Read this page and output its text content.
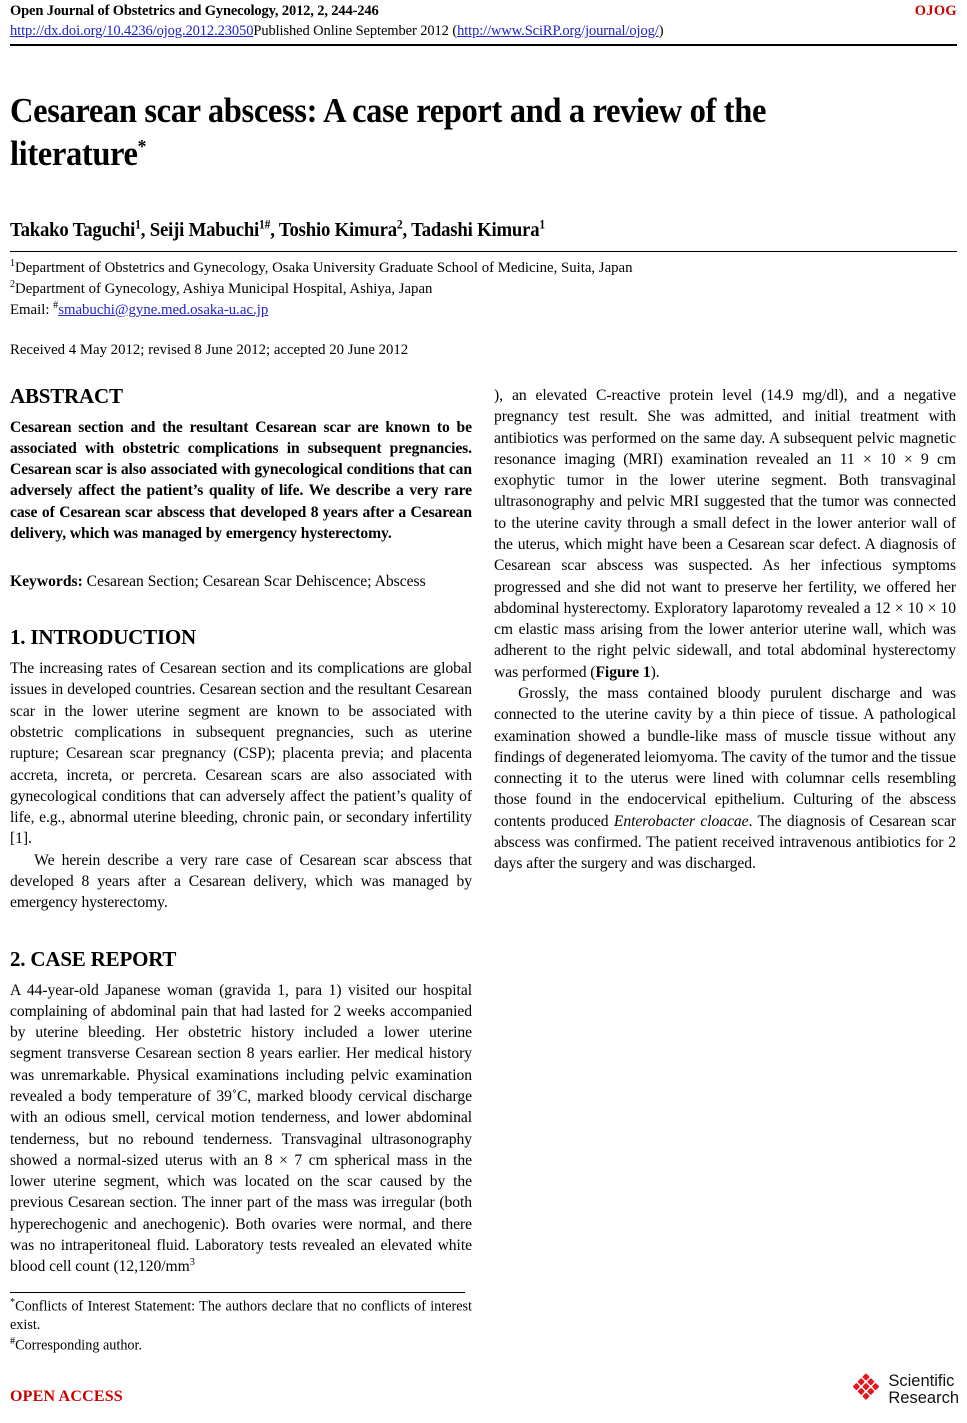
Open Journal of Obstetrics and Gynecology, 2012, 2, 244-246	OJOG
http://dx.doi.org/10.4236/ojog.2012.23050Published Online September 2012 (http://www.SciRP.org/journal/ojog/)
Cesarean scar abscess: A case report and a review of the literature*
Takako Taguchi$^1$, Seiji Mabuchi$^{1\#}$, Toshio Kimura$^2$, Tadashi Kimura$^1$
$^1$Department of Obstetrics and Gynecology, Osaka University Graduate School of Medicine, Suita, Japan
$^2$Department of Gynecology, Ashiya Municipal Hospital, Ashiya, Japan
Email: #smabuchi@gyne.med.osaka-u.ac.jp
Received 4 May 2012; revised 8 June 2012; accepted 20 June 2012
ABSTRACT

Cesarean section and the resultant Cesarean scar are known to be associated with obstetric complications in subsequent pregnancies. Cesarean scar is also associated with gynecological conditions that can adversely affect the patient’s quality of life. We describe a very rare case of Cesarean scar abscess that developed 8 years after a Cesarean delivery, which was managed by emergency hysterectomy.

Keywords: Cesarean Section; Cesarean Scar Dehiscence; Abscess

1. INTRODUCTION

The increasing rates of Cesarean section and its complications are global issues in developed countries. Cesarean section and the resultant Cesarean scar in the lower uterine segment are known to be associated with obstetric complications in subsequent pregnancies, such as uterine rupture; Cesarean scar pregnancy (CSP); placenta previa; and placenta accreta, increta, or percreta. Cesarean scars are also associated with gynecological conditions that can adversely affect the patient’s quality of life, e.g., abnormal uterine bleeding, chronic pain, or secondary infertility [1].

We herein describe a very rare case of Cesarean scar abscess that developed 8 years after a Cesarean delivery, which was managed by emergency hysterectomy.

2. CASE REPORT

A 44-year-old Japanese woman (gravida 1, para 1) visited our hospital complaining of abdominal pain that had lasted for 2 weeks accompanied by uterine bleeding. Her obstetric history included a lower uterine segment transverse Cesarean section 8 years earlier. Her medical history was unremarkable. Physical examinations including pelvic examination revealed a body temperature of 39˚C, marked bloody cervical discharge with an odious smell, cervical motion tenderness, and lower abdominal tenderness, but no rebound tenderness. Transvaginal ultrasonography showed a normal-sized uterus with an 8 × 7 cm spherical mass in the lower uterine segment, which was located on the scar caused by the previous Cesarean section. The inner part of the mass was irregular (both hyperechogenic and anechogenic). Both ovaries were normal, and there was no intraperitoneal fluid. Laboratory tests revealed an elevated white blood cell count ($12,120/mm^3$

), an elevated C-reactive protein level (14.9 mg/dl), and a negative pregnancy test result. She was admitted, and initial treatment with antibiotics was performed on the same day. A subsequent pelvic magnetic resonance imaging (MRI) examination revealed an 11 × 10 × 9 cm exophytic tumor in the lower uterine segment. Both transvaginal ultrasonography and pelvic MRI suggested that the tumor was connected to the uterine cavity through a small defect in the lower anterior wall of the uterus, which might have been a Cesarean scar defect. A diagnosis of Cesarean scar abscess was suspected. As her infectious symptoms progressed and she did not want to preserve her fertility, we offered her abdominal hysterectomy. Exploratory laparotomy revealed a 12 × 10 × 10 cm elastic mass arising from the lower anterior uterine wall, which was adherent to the right pelvic sidewall, and total abdominal hysterectomy was performed (Figure 1).

Grossly, the mass contained bloody purulent discharge and was connected to the uterine cavity by a thin piece of tissue. A pathological examination showed a bundle-like mass of muscle tissue without any findings of degenerated leiomyoma. The cavity of the tumor and the tissue connecting it to the uterus were lined with columnar cells resembling those found in the endocervical epithelium. Culturing of the abscess contents produced Enterobacter cloacae. The diagnosis of Cesarean scar abscess was confirmed. The patient received intravenous antibiotics for 2 days after the surgery and was discharged.

*Conflicts of Interest Statement: The authors declare that no conflicts of interest exist.

#Corresponding author.

OPEN ACCESS
Scientific
Research
